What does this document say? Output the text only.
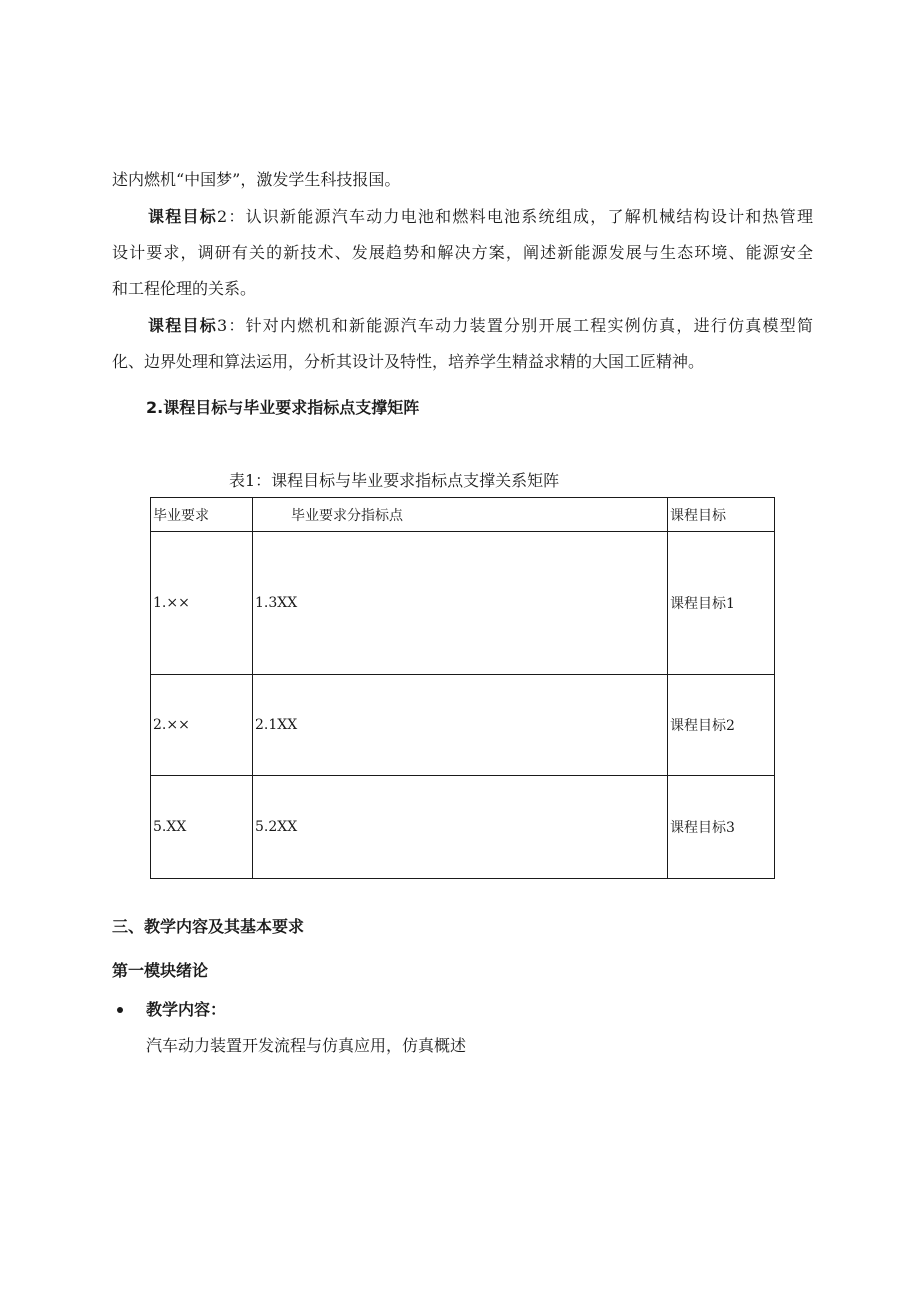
述内燃机“中国梦”，激发学生科技报国。
课程目标2：认识新能源汽车动力电池和燃料电池系统组成，了解机械结构设计和热管理
设计要求，调研有关的新技术、发展趋势和解决方案，阐述新能源发展与生态环境、能源安全
和工程伦理的关系。
课程目标3：针对内燃机和新能源汽车动力装置分别开展工程实例仿真，进行仿真模型简
化、边界处理和算法运用，分析其设计及特性，培养学生精益求精的大国工匠精神。
2.课程目标与毕业要求指标点支撑矩阵
表1：课程目标与毕业要求指标点支撑关系矩阵
毕业要求	毕业要求分指标点	课程目标
1.××	1.3XX	课程目标1
2.××	2.1XX	课程目标2
5.XX	5.2XX	课程目标3
三、教学内容及其基本要求
第一模块绪论
教学内容：
汽车动力装置开发流程与仿真应用，仿真概述
